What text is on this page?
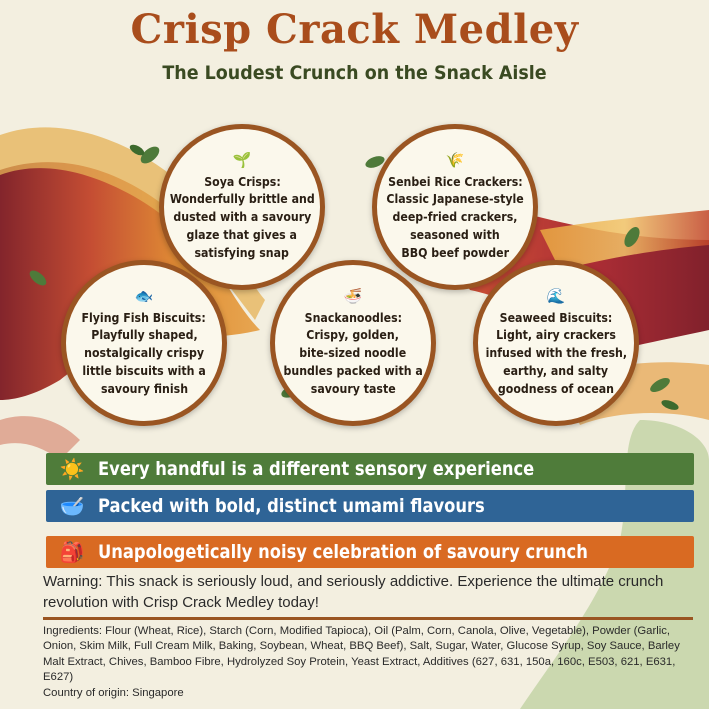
Crisp Crack Medley
The Loudest Crunch on the Snack Aisle
🌱
Soya Crisps:
Wonderfully brittle and
dusted with a savoury
glaze that gives a
satisfying snap
🌾
Senbei Rice Crackers:
Classic Japanese-style
deep-fried crackers,
seasoned with
BBQ beef powder
🐟
Flying Fish Biscuits:
Playfully shaped,
nostalgically crispy
little biscuits with a
savoury finish
🍜
Snackanoodles:
Crispy, golden,
bite-sized noodle
bundles packed with a
savoury taste
🌊
Seaweed Biscuits:
Light, airy crackers
infused with the fresh,
earthy, and salty
goodness of ocean
☀️ Every handful is a different sensory experience
🥣 Packed with bold, distinct umami flavours
🎒 Unapologetically noisy celebration of savoury crunch
Warning: This snack is seriously loud, and seriously addictive. Experience the ultimate crunch revolution with Crisp Crack Medley today!
Ingredients: Flour (Wheat, Rice), Starch (Corn, Modified Tapioca), Oil (Palm, Corn, Canola, Olive, Vegetable), Powder (Garlic, Onion, Skim Milk, Full Cream Milk, Baking, Soybean, Wheat, BBQ Beef), Salt, Sugar, Water, Glucose Syrup, Soy Sauce, Barley Malt Extract, Chives, Bamboo Fibre, Hydrolyzed Soy Protein, Yeast Extract, Additives (627, 631, 150a, 160c, E503, 621, E631, E627)
Country of origin: Singapore
